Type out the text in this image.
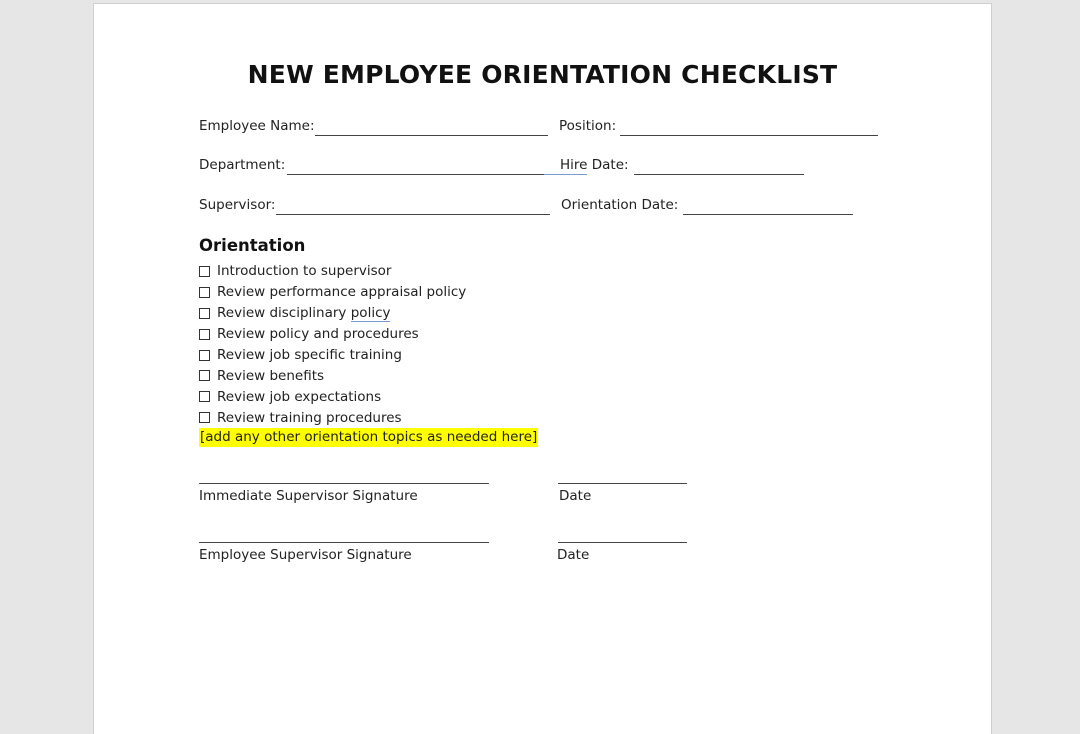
NEW EMPLOYEE ORIENTATION CHECKLIST
Employee Name:	Position:
Department:	Hire Date:
Supervisor:	Orientation Date:
Orientation
Introduction to supervisor
Review performance appraisal policy
Review disciplinary
policy
Review policy and procedures
Review job specific training
Review benefits
Review job expectations
Review training procedures
[add any other orientation topics as needed here]
Immediate Supervisor Signature	Date
Employee Supervisor Signature	Date
